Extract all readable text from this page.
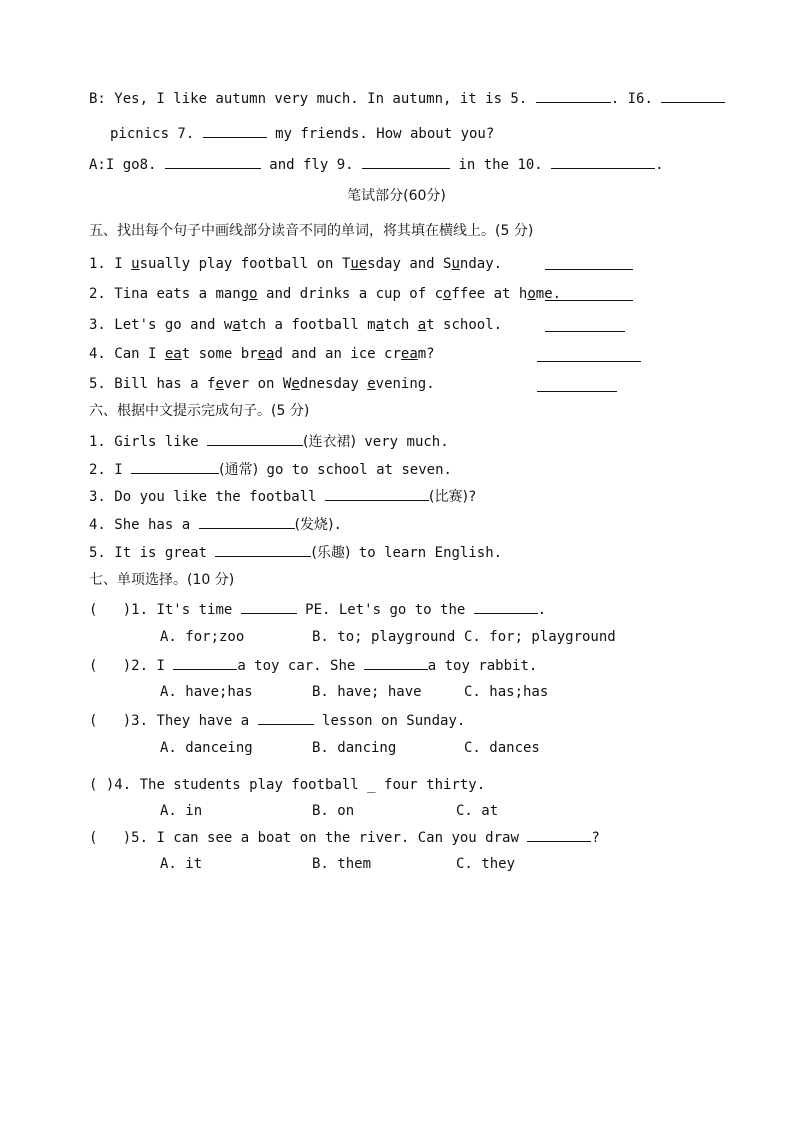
B: Yes, I like autumn very much. In autumn, it is 5.	. I6.
picnics 7.	my friends. How about you?
A:I go8.	and fly 9.	in the 10.	.
笔试部分(60分)
五、找出每个句子中画线部分读音不同的单词，将其填在横线上。(5 分)
1. I usually play football on Tuesday and Sunday.
2. Tina eats a mango and drinks a cup of coffee at home.
3. Let's go and watch a football match at school.
4. Can I eat some bread and an ice cream?
5. Bill has a fever on Wednesday evening.
六、根据中文提示完成句子。(5 分)
1. Girls like	(连衣裙) very much.
2. I	(通常) go to school at seven.
3. Do you like the football	(比赛)?
4. She has a	(发烧).
5. It is great	(乐趣) to learn English.
七、单项选择。(10 分)
(   )1. It's time	PE. Let's go to the	.
A. for;zoo	B. to; playground C. for; playground
(   )2. I	a toy car. She	a toy rabbit.
A. have;has	B. have; have	C. has;has
(   )3. They have a	lesson on Sunday.
A. danceing	B. dancing	C. dances
( )4. The students play football _ four thirty.
A. in	B. on	C. at
(   )5. I can see a boat on the river. Can you draw	?
A. it	B. them	C. they
